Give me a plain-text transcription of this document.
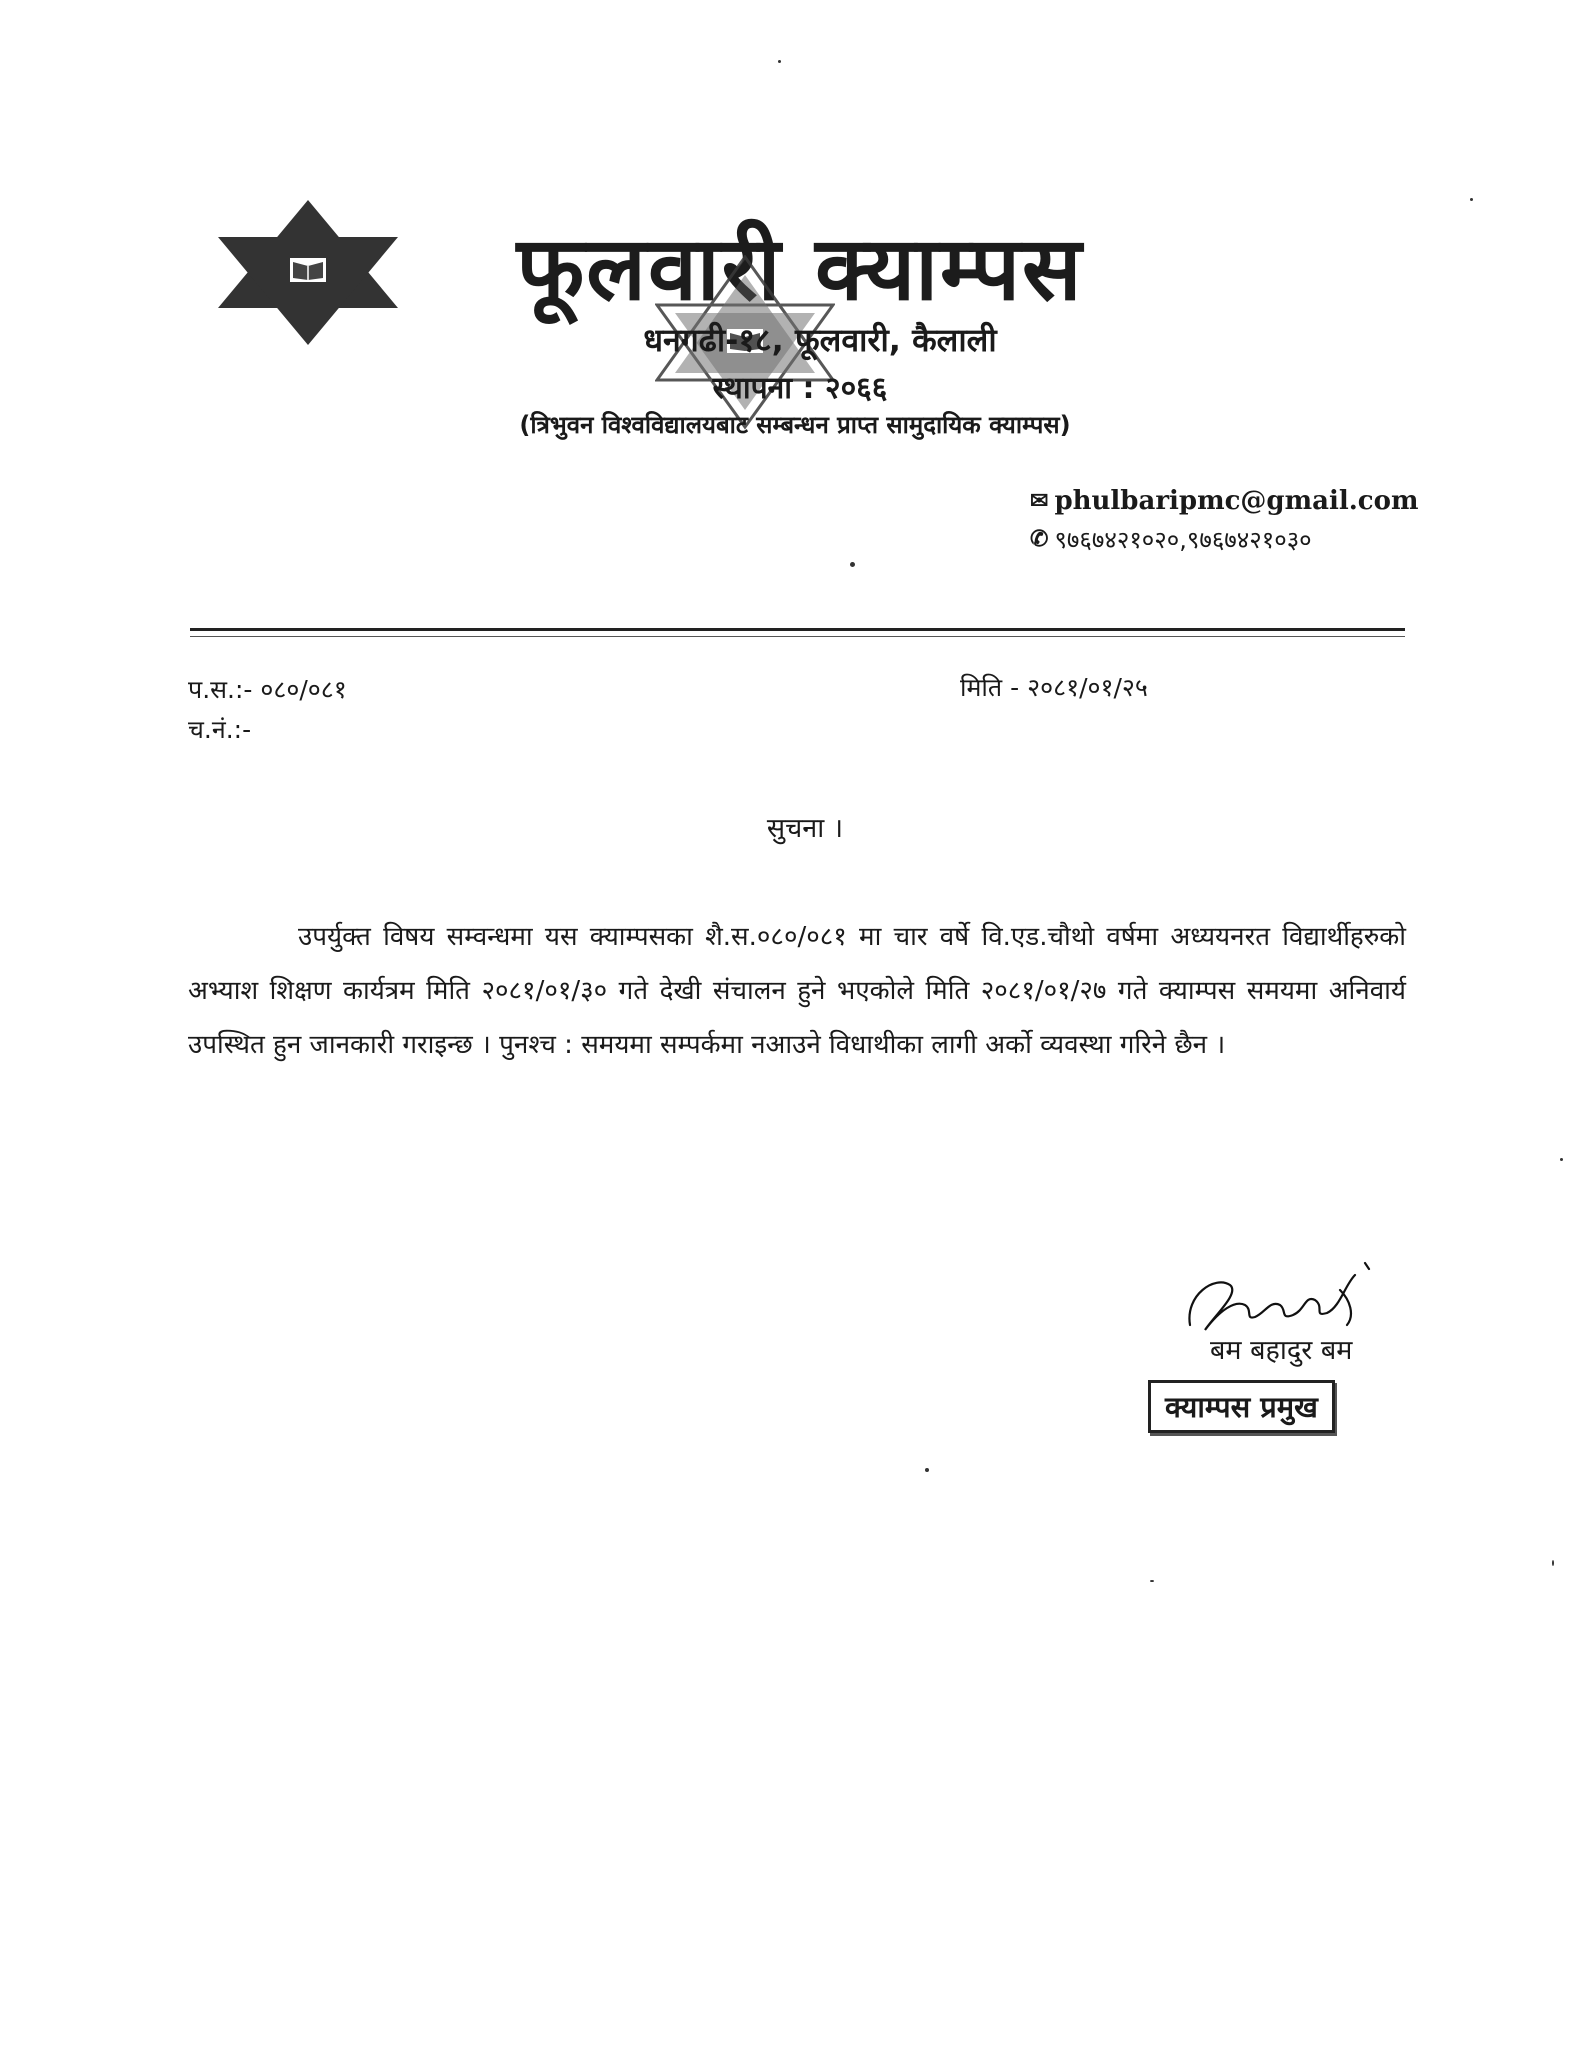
फूलवारी क्याम्पस
धनगढी-१८, फूलवारी, कैलाली
स्थापना : २०६६
(त्रिभुवन विश्वविद्यालयबाट सम्बन्धन प्राप्त सामुदायिक क्याम्पस)
✉ phulbaripmc@gmail.com
✆ ९७६७४२१०२०,९७६७४२१०३०
प.स.:- ०८०/०८१
च.नं.:-
मिति - २०८१/०१/२५
सुचना ।
उपर्युक्त विषय सम्वन्धमा यस क्याम्पसका शै.स.०८०/०८१ मा चार वर्षे वि.एड.चौथो वर्षमा अध्ययनरत विद्यार्थीहरुको अभ्याश शिक्षण कार्यत्रम मिति २०८१/०१/३० गते देखी संचालन हुने भएकोले मिति २०८१/०१/२७ गते क्याम्पस समयमा अनिवार्य उपस्थित हुन जानकारी गराइन्छ । पुनश्च : समयमा सम्पर्कमा नआउने विधाथीका लागी अर्को व्यवस्था गरिने छैन ।
बम बहादुर बम
क्याम्पस प्रमुख
